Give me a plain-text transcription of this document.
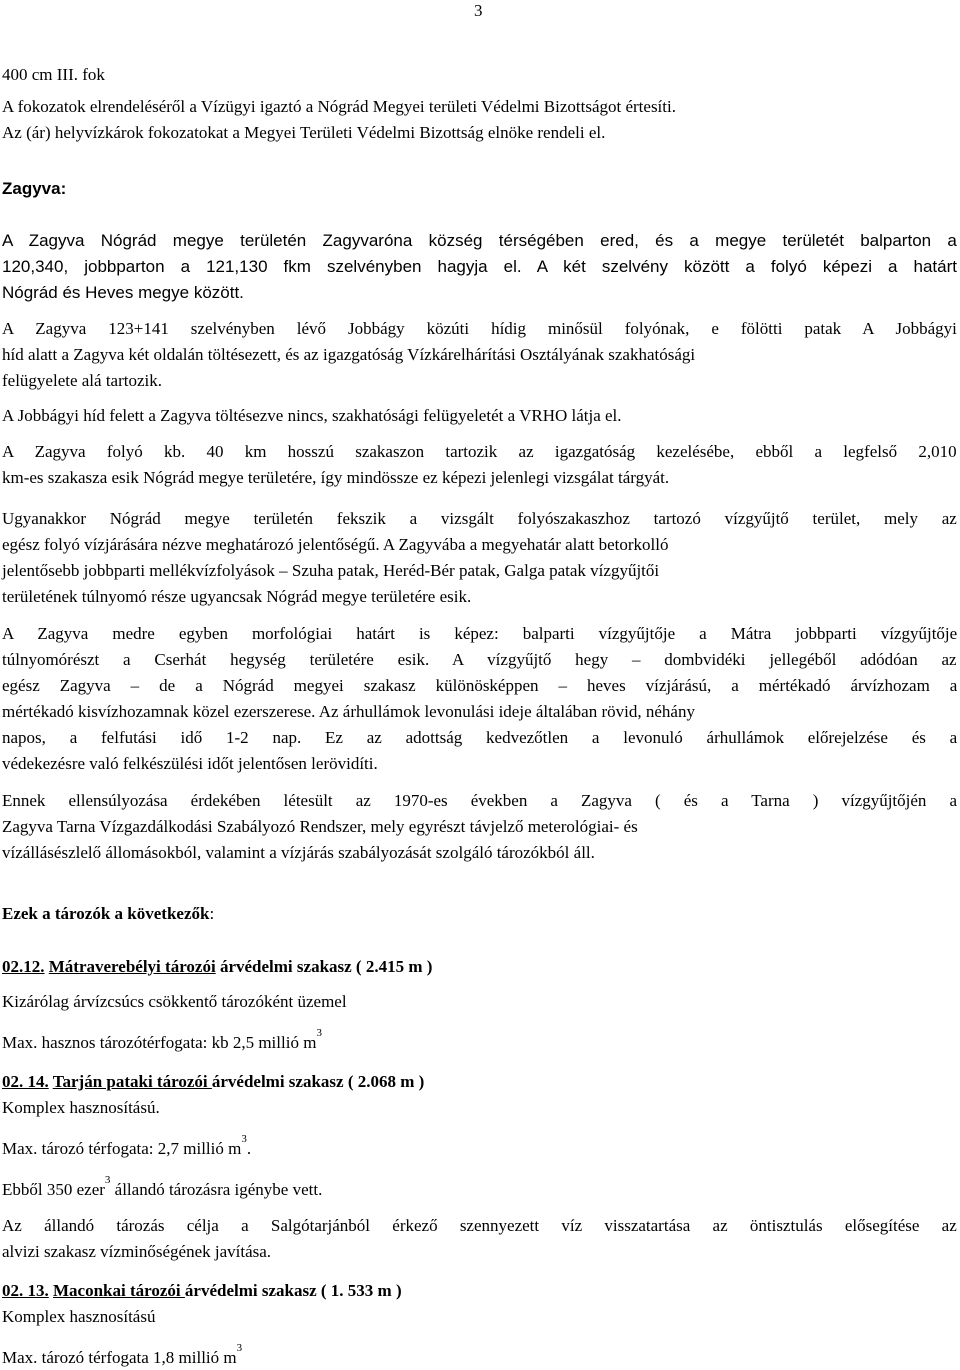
3
400 cm III. fok
A fokozatok elrendeléséről a Vízügyi igaztó a Nógrád Megyei területi Védelmi Bizottságot értesíti.
Az (ár) helyvízkárok fokozatokat a Megyei Területi Védelmi Bizottság elnöke rendeli el.
Zagyva:
A Zagyva Nógrád megye területén Zagyvaróna község térségében ered, és a megye területét balparton a
120,340, jobbparton a 121,130 fkm szelvényben hagyja el. A két szelvény között a folyó képezi a határt
Nógrád és Heves megye között.
A Zagyva 123+141 szelvényben lévő Jobbágy közúti hídig minősül folyónak, e fölötti patak A Jobbágyi
híd alatt a Zagyva két oldalán töltésezett, és az igazgatóság Vízkárelhárítási Osztályának szakhatósági
felügyelete alá tartozik.
A Jobbágyi híd felett a Zagyva töltésezve nincs, szakhatósági felügyeletét a VRHO látja el.
A Zagyva folyó kb. 40 km hosszú szakaszon tartozik az igazgatóság kezelésébe, ebből a legfelső 2,010
km-es szakasza esik Nógrád megye területére, így mindössze ez képezi jelenlegi vizsgálat tárgyát.
Ugyanakkor Nógrád megye területén fekszik a vizsgált folyószakaszhoz tartozó vízgyűjtő terület, mely az
egész folyó vízjárására nézve meghatározó jelentőségű. A Zagyvába a megyehatár alatt betorkolló
jelentősebb jobbparti mellékvízfolyások – Szuha patak, Heréd-Bér patak, Galga patak vízgyűjtői
területének túlnyomó része ugyancsak Nógrád megye területére esik.
A Zagyva medre egyben morfológiai határt is képez: balparti vízgyűjtője a Mátra jobbparti vízgyűjtője
túlnyomórészt a Cserhát hegység területére esik. A vízgyűjtő hegy – dombvidéki jellegéből adódóan az
egész Zagyva – de a Nógrád megyei szakasz különösképpen – heves vízjárású, a mértékadó árvízhozam a
mértékadó kisvízhozamnak közel ezerszerese. Az árhullámok levonulási ideje általában rövid, néhány
napos, a felfutási idő 1-2 nap. Ez az adottság kedvezőtlen a levonuló árhullámok előrejelzése és a
védekezésre való felkészülési időt jelentősen lerövidíti.
Ennek ellensúlyozása érdekében létesült az 1970-es években a Zagyva ( és a Tarna ) vízgyűjtőjén a
Zagyva Tarna Vízgazdálkodási Szabályozó Rendszer, mely egyrészt távjelző meterológiai- és
vízállásészlelő állomásokból, valamint a vízjárás szabályozását szolgáló tározókból áll.
Ezek a tározók a következők:
02.12. Mátraverebélyi tározói árvédelmi szakasz ( 2.415 m )
Kizárólag árvízcsúcs csökkentő tározóként üzemel
Max. hasznos tározótérfogata: kb 2,5 millió $m^3$
02. 14. Tarján pataki tározói árvédelmi szakasz ( 2.068 m )
Komplex hasznosítású.
Max. tározó térfogata: 2,7 millió $m^3$.
Ebből 350 ezer$^3$ állandó tározásra igénybe vett.
Az állandó tározás célja a Salgótarjánból érkező szennyezett víz visszatartása az öntisztulás elősegítése az
alvizi szakasz vízminőségének javítása.
02. 13. Maconkai tározói árvédelmi szakasz ( 1. 533 m )
Komplex hasznosítású
Max. tározó térfogata 1,8 millió $m^3$
